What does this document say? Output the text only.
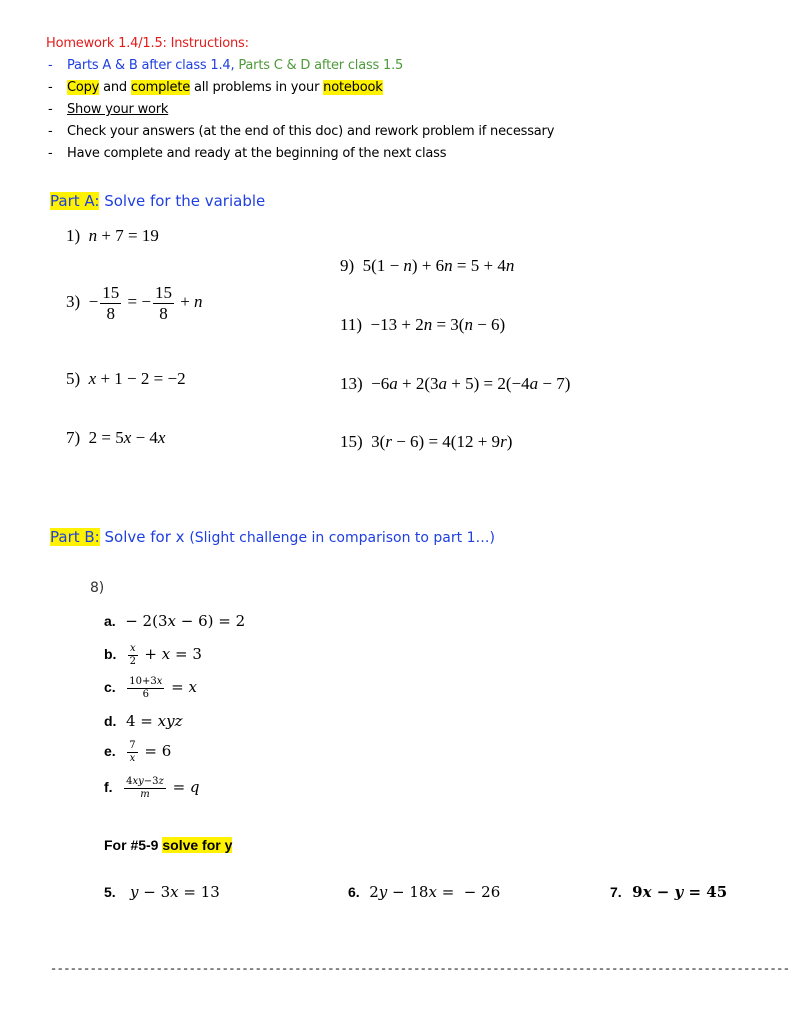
Homework 1.4/1.5: Instructions:
-	Parts A & B after class 1.4, Parts C & D after class 1.5
-	Copy and complete all problems in your notebook
-	Show your work
-	Check your answers (at the end of this doc) and rework problem if necessary
-	Have complete and ready at the beginning of the next class
Part A: Solve for the variable
1) n + 7 = 19
$3) - \frac{15}{8}$ = − $\frac{15}{8} + n$
5) x + 1 − 2 = −2
7)  2 = 5x − 4x
9)  5(1 − n) + 6n = 5 + 4n
11)  −13 + 2n = 3(n − 6)
13)  −6a + 2(3a + 5) = 2(−4a − 7)
15)  3(r − 6) = 4(12 + 9r)
Part B: Solve for x (Slight challenge in comparison to part 1…)
8)
a.  − 2(3x − 6) = 2
b. $\frac{x}{2} + x = 3$
c. $\frac{10+3x}{6} = x$
d.  4 = xyz
e. $\frac{7}{x} = 6$
f. $\frac{4xy-3z}{m} = q$
For #5-9 solve for y
5. y − 3x = 13	6.  2y − 18x =  − 26	7.  9x − y = 45
----------------------------------------------------------------------------------------------------------------
